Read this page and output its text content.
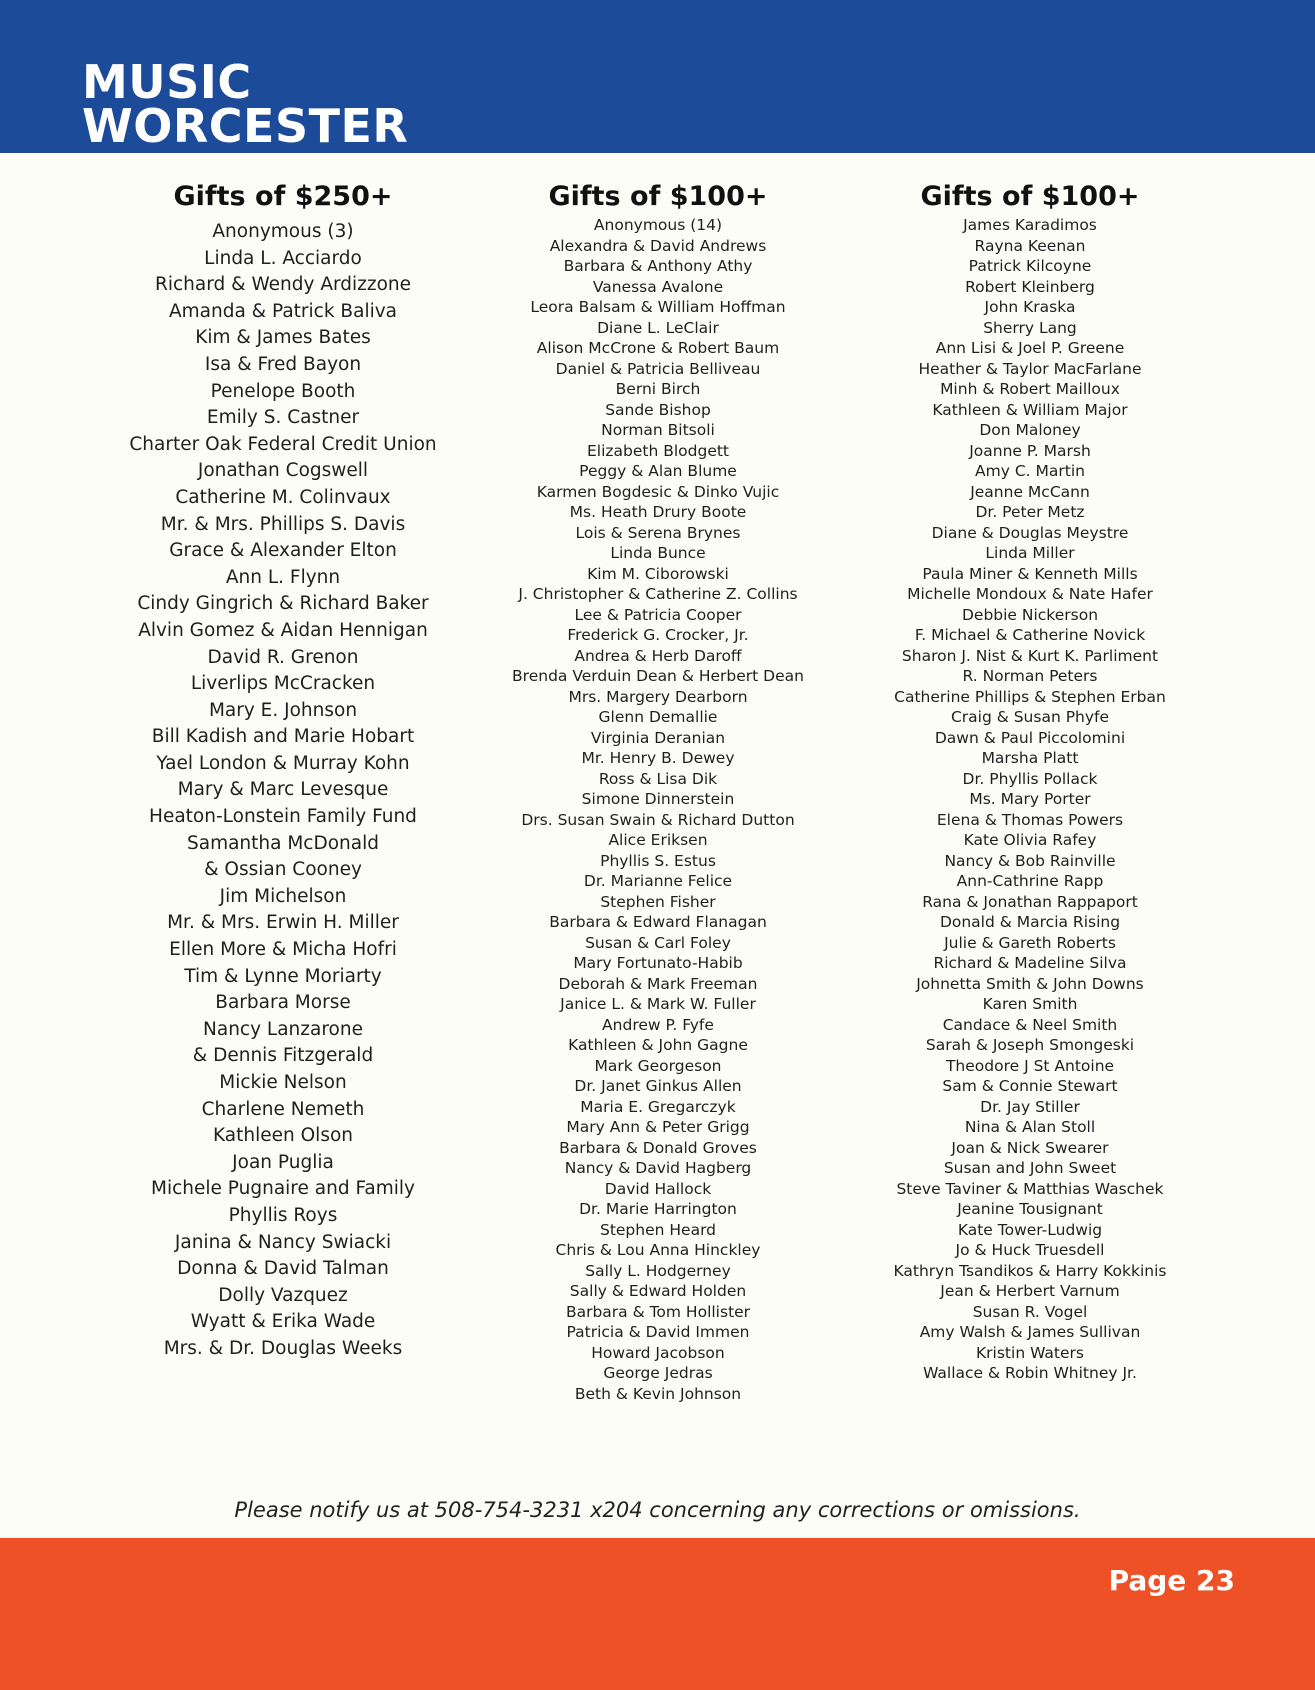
MUSIC
WORCESTER
Gifts of $250+
Anonymous (3)
Linda L. Acciardo
Richard & Wendy Ardizzone
Amanda & Patrick Baliva
Kim & James Bates
Isa & Fred Bayon
Penelope Booth
Emily S. Castner
Charter Oak Federal Credit Union
Jonathan Cogswell
Catherine M. Colinvaux
Mr. & Mrs. Phillips S. Davis
Grace & Alexander Elton
Ann L. Flynn
Cindy Gingrich & Richard Baker
Alvin Gomez & Aidan Hennigan
David R. Grenon
Liverlips McCracken
Mary E. Johnson
Bill Kadish and Marie Hobart
Yael London & Murray Kohn
Mary & Marc Levesque
Heaton-Lonstein Family Fund
Samantha McDonald
& Ossian Cooney
Jim Michelson
Mr. & Mrs. Erwin H. Miller
Ellen More & Micha Hofri
Tim & Lynne Moriarty
Barbara Morse
Nancy Lanzarone
& Dennis Fitzgerald
Mickie Nelson
Charlene Nemeth
Kathleen Olson
Joan Puglia
Michele Pugnaire and Family
Phyllis Roys
Janina & Nancy Swiacki
Donna & David Talman
Dolly Vazquez
Wyatt & Erika Wade
Mrs. & Dr. Douglas Weeks
Gifts of $100+
Anonymous (14)
Alexandra & David Andrews
Barbara & Anthony Athy
Vanessa Avalone
Leora Balsam & William Hoffman
Diane L. LeClair
Alison McCrone & Robert Baum
Daniel & Patricia Belliveau
Berni Birch
Sande Bishop
Norman Bitsoli
Elizabeth Blodgett
Peggy & Alan Blume
Karmen Bogdesic & Dinko Vujic
Ms. Heath Drury Boote
Lois & Serena Brynes
Linda Bunce
Kim M. Ciborowski
J. Christopher & Catherine Z. Collins
Lee & Patricia Cooper
Frederick G. Crocker, Jr.
Andrea & Herb Daroff
Brenda Verduin Dean & Herbert Dean
Mrs. Margery Dearborn
Glenn Demallie
Virginia Deranian
Mr. Henry B. Dewey
Ross & Lisa Dik
Simone Dinnerstein
Drs. Susan Swain & Richard Dutton
Alice Eriksen
Phyllis S. Estus
Dr. Marianne Felice
Stephen Fisher
Barbara & Edward Flanagan
Susan & Carl Foley
Mary Fortunato-Habib
Deborah & Mark Freeman
Janice L. & Mark W. Fuller
Andrew P. Fyfe
Kathleen & John Gagne
Mark Georgeson
Dr. Janet Ginkus Allen
Maria E. Gregarczyk
Mary Ann & Peter Grigg
Barbara & Donald Groves
Nancy & David Hagberg
David Hallock
Dr. Marie Harrington
Stephen Heard
Chris & Lou Anna Hinckley
Sally L. Hodgerney
Sally & Edward Holden
Barbara & Tom Hollister
Patricia & David Immen
Howard Jacobson
George Jedras
Beth & Kevin Johnson
Gifts of $100+
James Karadimos
Rayna Keenan
Patrick Kilcoyne
Robert Kleinberg
John Kraska
Sherry Lang
Ann Lisi & Joel P. Greene
Heather & Taylor MacFarlane
Minh & Robert Mailloux
Kathleen & William Major
Don Maloney
Joanne P. Marsh
Amy C. Martin
Jeanne McCann
Dr. Peter Metz
Diane & Douglas Meystre
Linda Miller
Paula Miner & Kenneth Mills
Michelle Mondoux & Nate Hafer
Debbie Nickerson
F. Michael & Catherine Novick
Sharon J. Nist & Kurt K. Parliment
R. Norman Peters
Catherine Phillips & Stephen Erban
Craig & Susan Phyfe
Dawn & Paul Piccolomini
Marsha Platt
Dr. Phyllis Pollack
Ms. Mary Porter
Elena & Thomas Powers
Kate Olivia Rafey
Nancy & Bob Rainville
Ann-Cathrine Rapp
Rana & Jonathan Rappaport
Donald & Marcia Rising
Julie & Gareth Roberts
Richard & Madeline Silva
Johnetta Smith & John Downs
Karen Smith
Candace & Neel Smith
Sarah & Joseph Smongeski
Theodore J St Antoine
Sam & Connie Stewart
Dr. Jay Stiller
Nina & Alan Stoll
Joan & Nick Swearer
Susan and John Sweet
Steve Taviner & Matthias Waschek
Jeanine Tousignant
Kate Tower-Ludwig
Jo & Huck Truesdell
Kathryn Tsandikos & Harry Kokkinis
Jean & Herbert Varnum
Susan R. Vogel
Amy Walsh & James Sullivan
Kristin Waters
Wallace & Robin Whitney Jr.
Please notify us at 508-754-3231 x204 concerning any corrections or omissions.
Page 23
